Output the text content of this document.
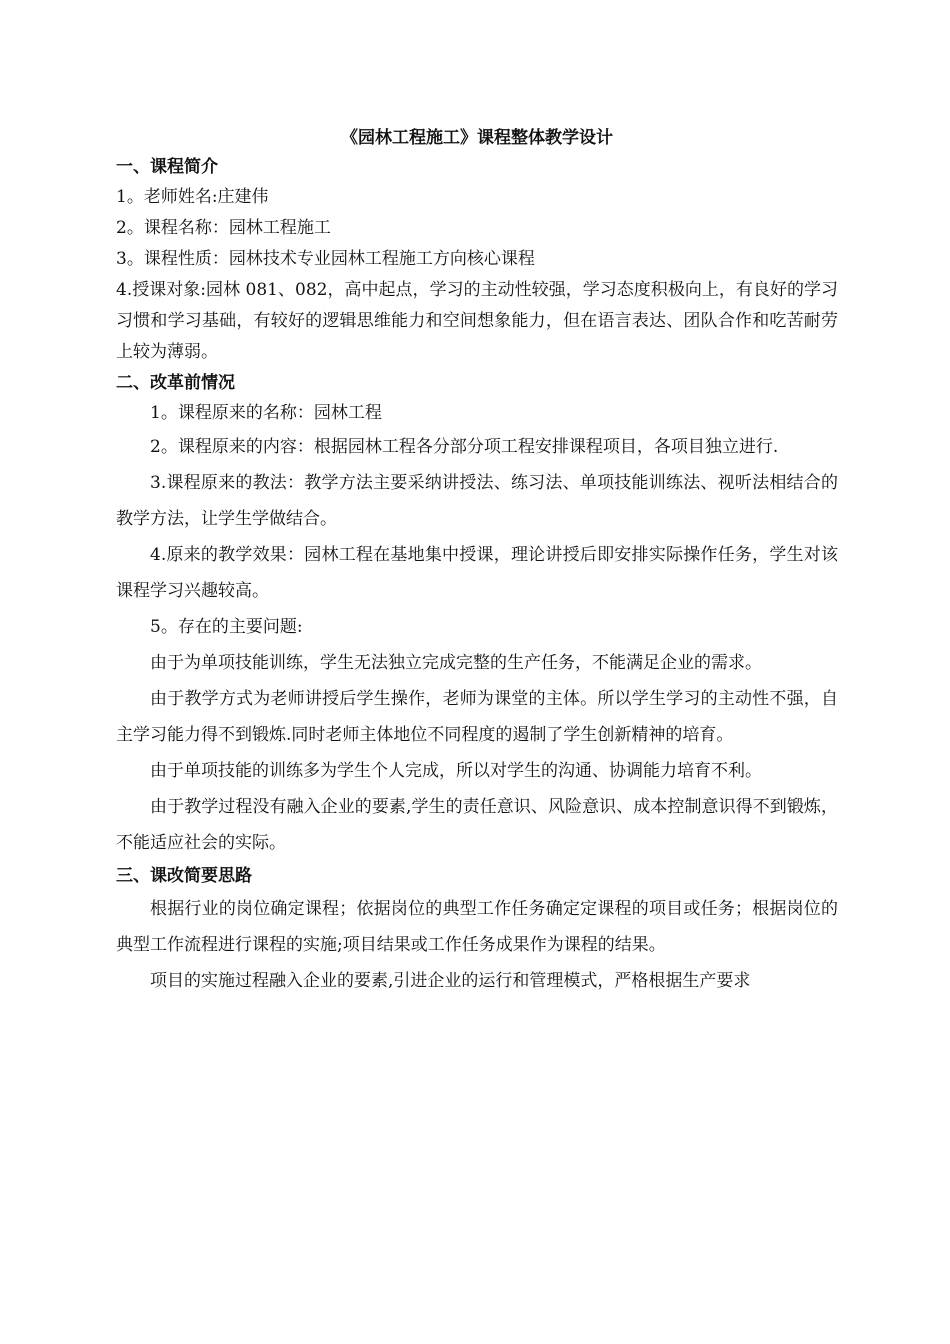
《园林工程施工》课程整体教学设计
一、课程简介
1。老师姓名:庄建伟
2。课程名称：园林工程施工
3。课程性质：园林技术专业园林工程施工方向核心课程
4.授课对象:园林 081、082，高中起点，学习的主动性较强，学习态度积极向上，有良好的学习习惯和学习基础，有较好的逻辑思维能力和空间想象能力，但在语言表达、团队合作和吃苦耐劳上较为薄弱。
二、改革前情况
1。课程原来的名称：园林工程
2。课程原来的内容：根据园林工程各分部分项工程安排课程项目，各项目独立进行.
3.课程原来的教法：教学方法主要采纳讲授法、练习法、单项技能训练法、视听法相结合的教学方法，让学生学做结合。
4.原来的教学效果：园林工程在基地集中授课，理论讲授后即安排实际操作任务，学生对该课程学习兴趣较高。
5。存在的主要问题:
由于为单项技能训练，学生无法独立完成完整的生产任务，不能满足企业的需求。
由于教学方式为老师讲授后学生操作，老师为课堂的主体。所以学生学习的主动性不强，自主学习能力得不到锻炼.同时老师主体地位不同程度的遏制了学生创新精神的培育。
由于单项技能的训练多为学生个人完成，所以对学生的沟通、协调能力培育不利。
由于教学过程没有融入企业的要素,学生的责任意识、风险意识、成本控制意识得不到锻炼，不能适应社会的实际。
三、课改简要思路
根据行业的岗位确定课程；依据岗位的典型工作任务确定定课程的项目或任务；根据岗位的典型工作流程进行课程的实施;项目结果或工作任务成果作为课程的结果。
项目的实施过程融入企业的要素,引进企业的运行和管理模式，严格根据生产要求
